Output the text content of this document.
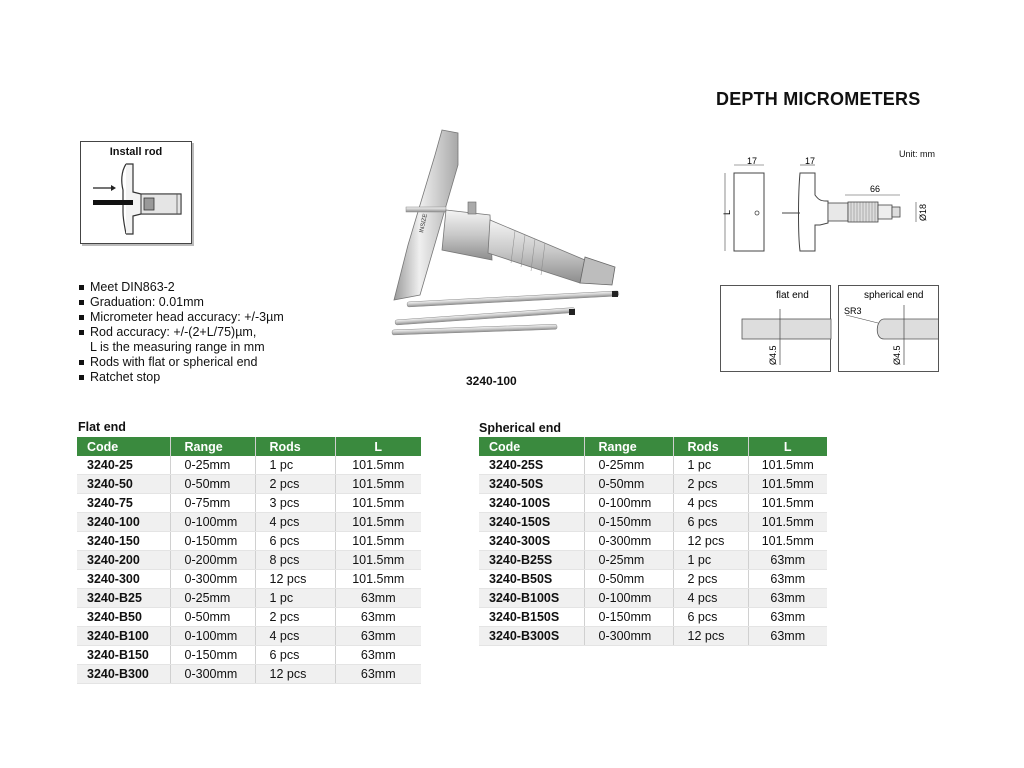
DEPTH MICROMETERS
Install rod
Meet DIN863-2
Graduation: 0.01mm
Micrometer head accuracy: +/-3µm
Rod accuracy: +/-(2+L/75)µm,
L is the measuring range in mm
Rods with flat or spherical end
Ratchet stop
INSIZE
3240-100
Unit: mm
17
L
17
66
Ø18
flat end
Ø4.5
spherical end
SR3
Ø4.5
Flat end
Code	Range	Rods	L
3240-25	0-25mm	1 pc	101.5mm
3240-50	0-50mm	2 pcs	101.5mm
3240-75	0-75mm	3 pcs	101.5mm
3240-100	0-100mm	4 pcs	101.5mm
3240-150	0-150mm	6 pcs	101.5mm
3240-200	0-200mm	8 pcs	101.5mm
3240-300	0-300mm	12 pcs	101.5mm
3240-B25	0-25mm	1 pc	63mm
3240-B50	0-50mm	2 pcs	63mm
3240-B100	0-100mm	4 pcs	63mm
3240-B150	0-150mm	6 pcs	63mm
3240-B300	0-300mm	12 pcs	63mm
Spherical end
Code	Range	Rods	L
3240-25S	0-25mm	1 pc	101.5mm
3240-50S	0-50mm	2 pcs	101.5mm
3240-100S	0-100mm	4 pcs	101.5mm
3240-150S	0-150mm	6 pcs	101.5mm
3240-300S	0-300mm	12 pcs	101.5mm
3240-B25S	0-25mm	1 pc	63mm
3240-B50S	0-50mm	2 pcs	63mm
3240-B100S	0-100mm	4 pcs	63mm
3240-B150S	0-150mm	6 pcs	63mm
3240-B300S	0-300mm	12 pcs	63mm
